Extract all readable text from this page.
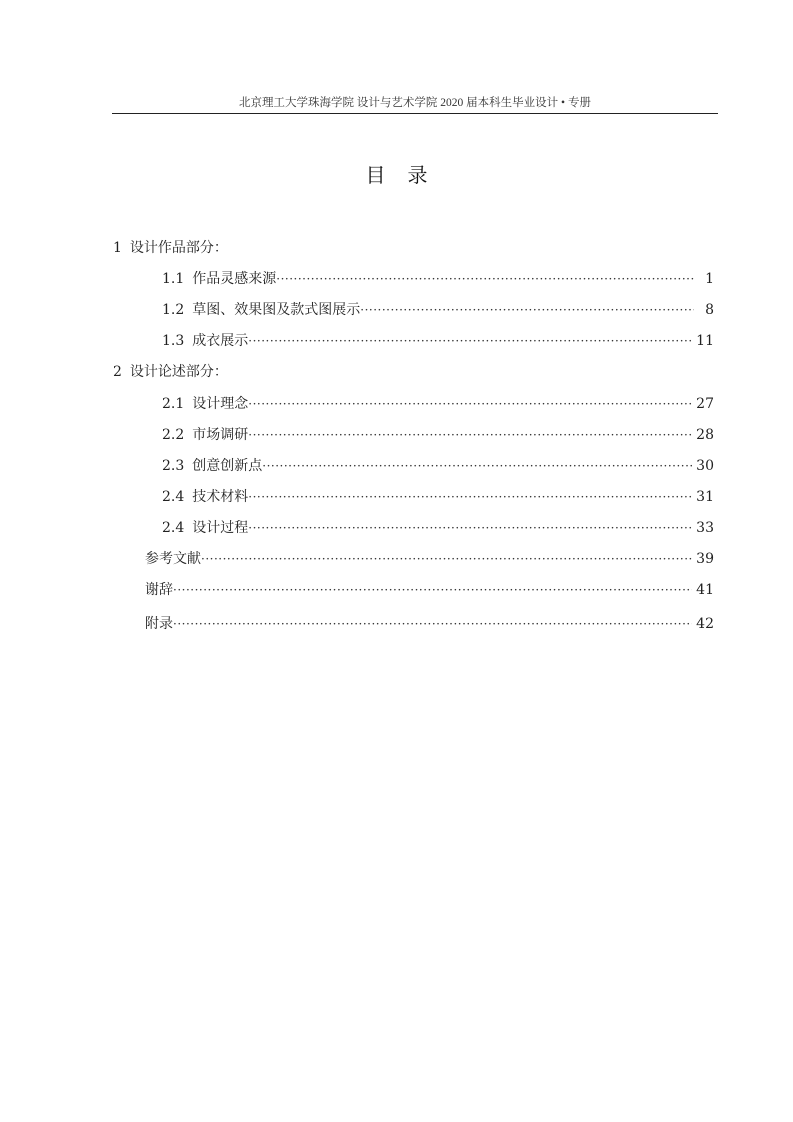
北京理工大学珠海学院 设计与艺术学院 2020 届本科生毕业设计 • 专册
目录
1 设计作品部分：
1.1 作品灵感来源 ·····	1
1.2 草图、效果图及款式图展示 ·····	8
1.3 成衣展示 ·····	11
2 设计论述部分：
2.1 设计理念 ·····	27
2.2 市场调研 ·····	28
2.3 创意创新点 ·····	30
2.4 技术材料 ·····	31
2.4 设计过程 ·····	33
参考文献 ·····	39
谢辞 ·····	41
附录 ·····	42
